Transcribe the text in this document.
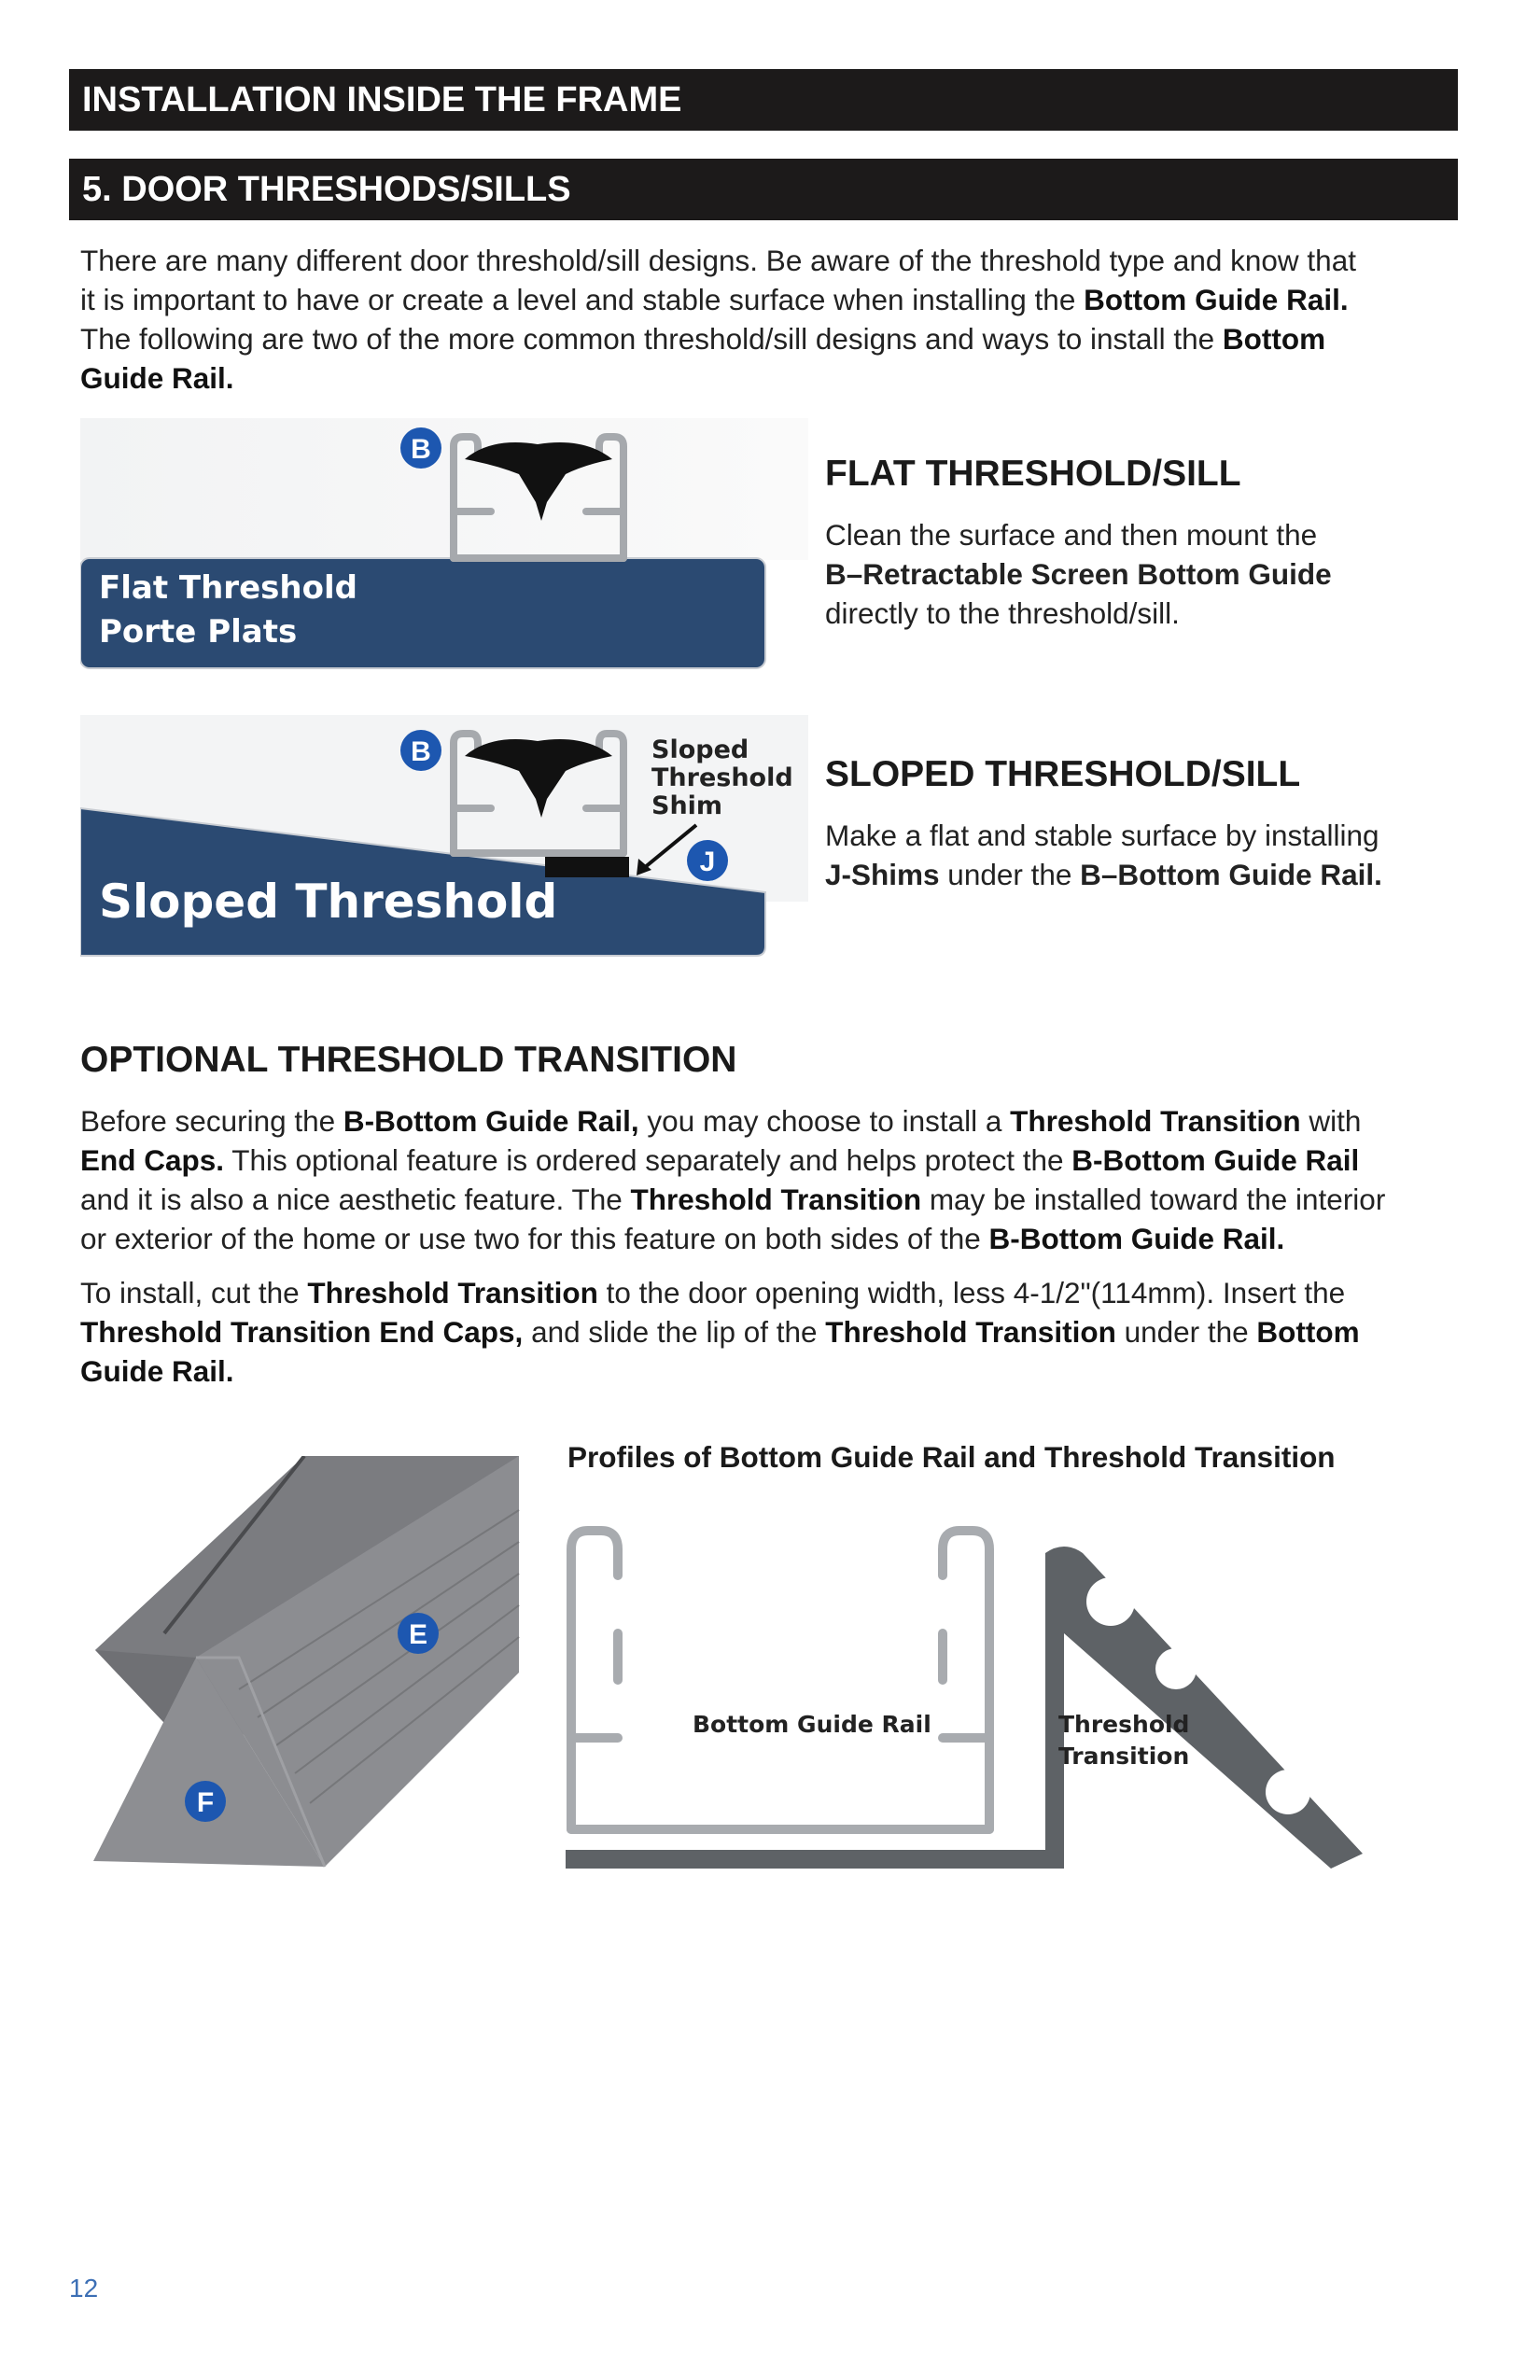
INSTALLATION INSIDE THE FRAME
5. DOOR THRESHODS/SILLS
There are many different door threshold/sill designs. Be aware of the threshold type and know that
it is important to have or create a level and stable surface when installing the Bottom Guide Rail.
The following are two of the more common threshold/sill designs and ways to install the Bottom
Guide Rail.
B
Flat Threshold
Porte Plats
FLAT THRESHOLD/SILL
Clean the surface and then mount the
B–Retractable Screen Bottom Guide
directly to the threshold/sill.
B
J
Sloped
Threshold
Shim
Sloped Threshold
SLOPED THRESHOLD/SILL
Make a flat and stable surface by installing
J-Shims under the B–Bottom Guide Rail.
OPTIONAL THRESHOLD TRANSITION
Before securing the B-Bottom Guide Rail, you may choose to install a Threshold Transition with
End Caps. This optional feature is ordered separately and helps protect the B-Bottom Guide Rail
and it is also a nice aesthetic feature. The Threshold Transition may be installed toward the interior
or exterior of the home or use two for this feature on both sides of the B-Bottom Guide Rail.
To install, cut the Threshold Transition to the door opening width, less 4-1/2"(114mm). Insert the
Threshold Transition End Caps, and slide the lip of the Threshold Transition under the Bottom
Guide Rail.
E
F
Profiles of Bottom Guide Rail and Threshold Transition
Bottom Guide Rail	Threshold
Transition
12
